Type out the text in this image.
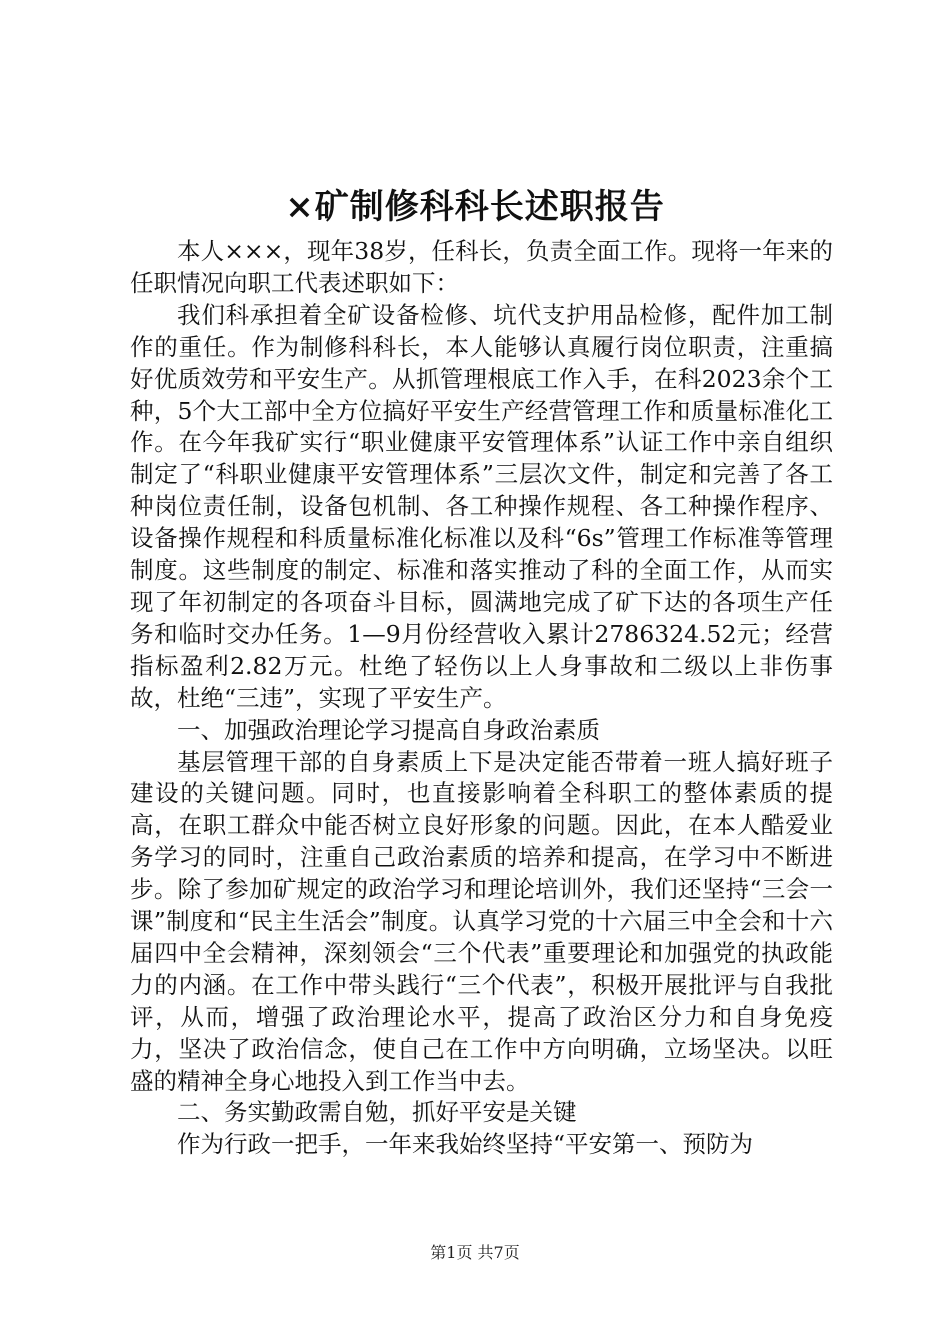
×矿制修科科长述职报告

本人×××，现年38岁，任科长，负责全面工作。现将一年来的任职情况向职工代表述职如下：

我们科承担着全矿设备检修、坑代支护用品检修，配件加工制作的重任。作为制修科科长，本人能够认真履行岗位职责，注重搞好优质效劳和平安生产。从抓管理根底工作入手，在科2023余个工种，5个大工部中全方位搞好平安生产经营管理工作和质量标准化工作。在今年我矿实行“职业健康平安管理体系”认证工作中亲自组织制定了“科职业健康平安管理体系”三层次文件，制定和完善了各工种岗位责任制，设备包机制、各工种操作规程、各工种操作程序、设备操作规程和科质量标准化标准以及科“6s”管理工作标准等管理制度。这些制度的制定、标准和落实推动了科的全面工作，从而实现了年初制定的各项奋斗目标，圆满地完成了矿下达的各项生产任务和临时交办任务。1—9月份经营收入累计2786324.52元；经营指标盈利2.82万元。杜绝了轻伤以上人身事故和二级以上非伤事故，杜绝“三违”，实现了平安生产。

一、加强政治理论学习提高自身政治素质

基层管理干部的自身素质上下是决定能否带着一班人搞好班子建设的关键问题。同时，也直接影响着全科职工的整体素质的提高，在职工群众中能否树立良好形象的问题。因此，在本人酷爱业务学习的同时，注重自己政治素质的培养和提高，在学习中不断进步。除了参加矿规定的政治学习和理论培训外，我们还坚持“三会一课”制度和“民主生活会”制度。认真学习党的十六届三中全会和十六届四中全会精神，深刻领会“三个代表”重要理论和加强党的执政能力的内涵。在工作中带头践行“三个代表”，积极开展批评与自我批评，从而，增强了政治理论水平，提高了政治区分力和自身免疫力，坚决了政治信念，使自己在工作中方向明确，立场坚决。以旺盛的精神全身心地投入到工作当中去。

二、务实勤政需自勉，抓好平安是关键

作为行政一把手，一年来我始终坚持“平安第一、预防为

第1页 共7页
